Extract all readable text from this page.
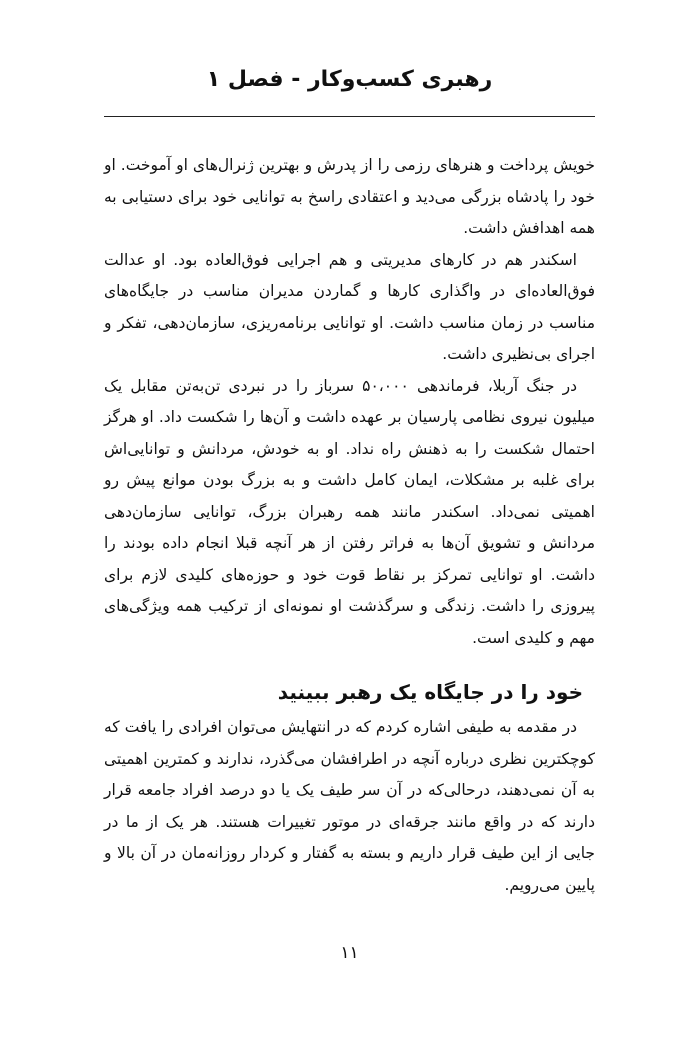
رهبری کسب‌وکار - فصل ۱

خویش پرداخت و هنرهای رزمی را از پدرش و بهترین ژنرال‌های او آموخت. او خود را پادشاه بزرگی می‌دید و اعتقادی راسخ به توانایی خود برای دستیابی به همه اهدافش داشت.

اسکندر هم در کارهای مدیریتی و هم اجرایی فوق‌العاده بود. او عدالت فوق‌العاده‌ای در واگذاری کارها و گماردن مدیران مناسب در جایگاه‌های مناسب در زمان مناسب داشت. او توانایی برنامه‌ریزی، سازمان‌دهی، تفکر و اجرای بی‌نظیری داشت.

در جنگ آربلا، فرماندهی ۵۰،۰۰۰ سرباز را در نبردی تن‌به‌تن مقابل یک میلیون نیروی نظامی پارسیان بر عهده داشت و آن‌ها را شکست داد. او هرگز احتمال شکست را به ذهنش راه نداد. او به خودش، مردانش و توانایی‌اش برای غلبه بر مشکلات، ایمان کامل داشت و به بزرگ بودن موانع پیش رو اهمیتی نمی‌داد. اسکندر مانند همه رهبران بزرگ، توانایی سازمان‌دهی مردانش و تشویق آن‌ها به فراتر رفتن از هر آنچه قبلا انجام داده بودند را داشت. او توانایی تمرکز بر نقاط قوت خود و حوزه‌های کلیدی لازم برای پیروزی را داشت. زندگی و سرگذشت او نمونه‌ای از ترکیب همه ویژگی‌های مهم و کلیدی است.

خود را در جایگاه یک رهبر ببینید

در مقدمه به طیفی اشاره کردم که در انتهایش می‌توان افرادی را یافت که کوچکترین نظری درباره آنچه در اطرافشان می‌گذرد، ندارند و کمترین اهمیتی به آن نمی‌دهند، درحالی‌که در آن سر طیف یک یا دو درصد افراد جامعه قرار دارند که در واقع مانند جرقه‌ای در موتور تغییرات هستند. هر یک از ما در جایی از این طیف قرار داریم و بسته به گفتار و کردار روزانه‌مان در آن بالا و پایین می‌رویم.

۱۱
